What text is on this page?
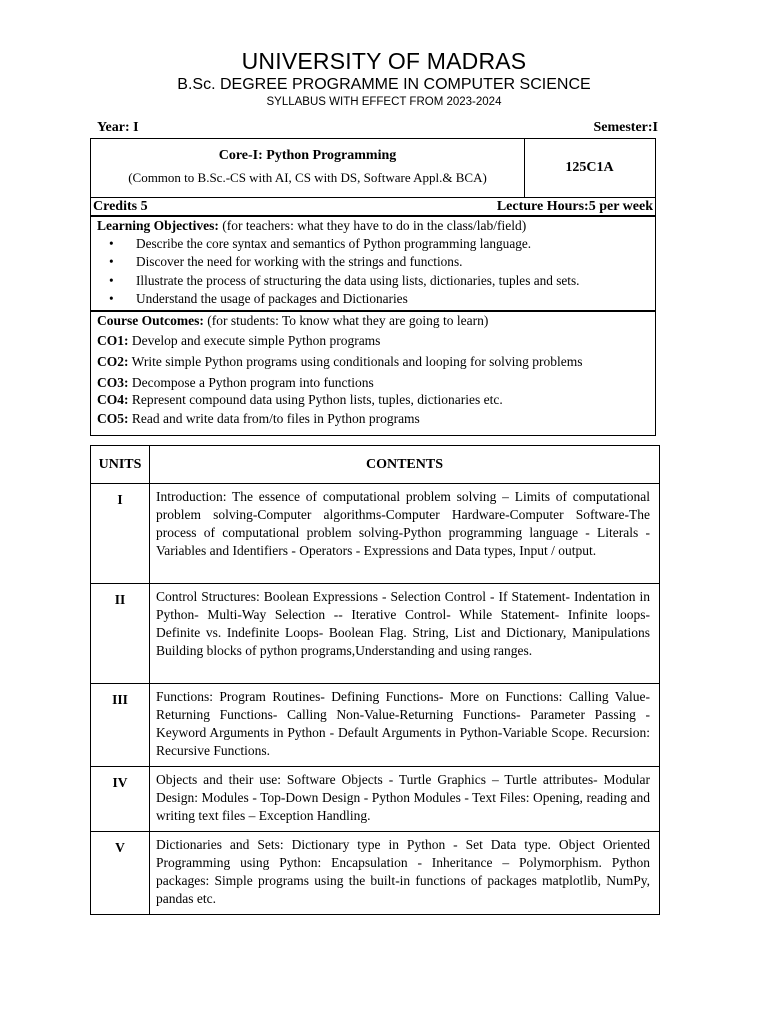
UNIVERSITY OF MADRAS
B.Sc. DEGREE PROGRAMME IN COMPUTER SCIENCE
SYLLABUS WITH EFFECT FROM 2023-2024
Year: I	Semester:I
Core-I: Python Programming
(Common to B.Sc.-CS with AI, CS with DS, Software Appl.& BCA)
125C1A
Credits 5	Lecture Hours:5 per week
Learning Objectives: (for teachers: what they have to do in the class/lab/field)
• Describe the core syntax and semantics of Python programming language.
• Discover the need for working with the strings and functions.
• Illustrate the process of structuring the data using lists, dictionaries, tuples and sets.
• Understand the usage of packages and Dictionaries
Course Outcomes: (for students: To know what they are going to learn)
CO1: Develop and execute simple Python programs
CO2: Write simple Python programs using conditionals and looping for solving problems
CO3: Decompose a Python program into functions
CO4: Represent compound data using Python lists, tuples, dictionaries etc.
CO5: Read and write data from/to files in Python programs
UNITS	CONTENTS
I	Introduction: The essence of computational problem solving – Limits of computational problem solving-Computer algorithms-Computer Hardware-Computer Software-The process of computational problem solving-Python programming language - Literals - Variables and Identifiers - Operators - Expressions and Data types, Input / output.
II	Control Structures: Boolean Expressions - Selection Control - If Statement- Indentation in Python- Multi-Way Selection -- Iterative Control- While Statement- Infinite loops- Definite vs. Indefinite Loops- Boolean Flag. String, List and Dictionary, Manipulations Building blocks of python programs,Understanding and using ranges.
III	Functions: Program Routines- Defining Functions- More on Functions: Calling Value-Returning Functions- Calling Non-Value-Returning Functions- Parameter Passing - Keyword Arguments in Python - Default Arguments in Python-Variable Scope. Recursion: Recursive Functions.
IV	Objects and their use: Software Objects - Turtle Graphics – Turtle attributes- Modular Design: Modules - Top-Down Design - Python Modules - Text Files: Opening, reading and writing text files – Exception Handling.
V	Dictionaries and Sets: Dictionary type in Python - Set Data type. Object Oriented Programming using Python: Encapsulation - Inheritance – Polymorphism. Python packages: Simple programs using the built-in functions of packages matplotlib, NumPy, pandas etc.
